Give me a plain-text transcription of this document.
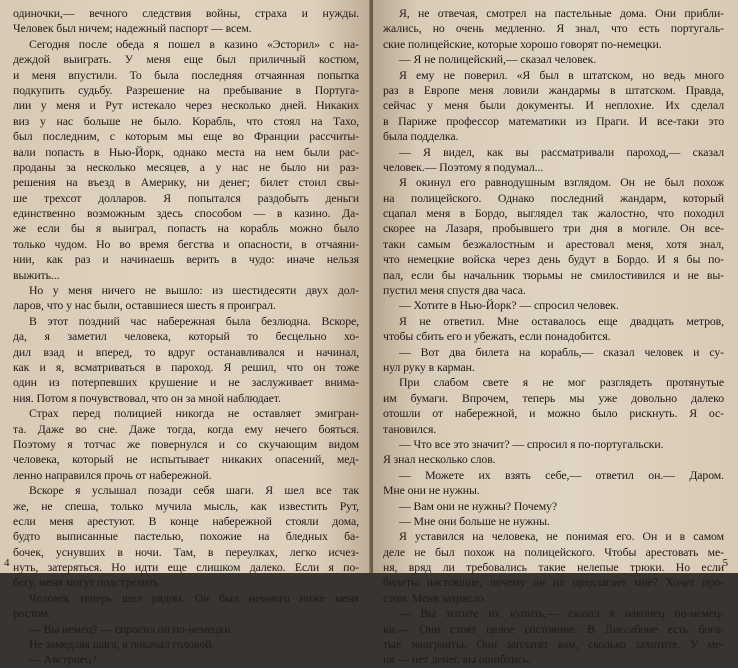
одиночки,— вечного следствия войны, страха и нужды.
Человек был ничем; надежный паспорт — всем.
Сегодня после обеда я пошел в казино «Эсторил» с на-
деждой выиграть. У меня еще был приличный костюм,
и меня впустили. То была последняя отчаянная попытка
подкупить судьбу. Разрешение на пребывание в Португа-
лии у меня и Рут истекало через несколько дней. Никаких
виз у нас больше не было. Корабль, что стоял на Тахо,
был последним, с которым мы еще во Франции рассчиты-
вали попасть в Нью-Йорк, однако места на нем были рас-
проданы за несколько месяцев, а у нас не было ни раз-
решения на въезд в Америку, ни денег; билет стоил свы-
ше трехсот долларов. Я попытался раздобыть деньги
единственно возможным здесь способом — в казино. Да-
же если бы я выиграл, попасть на корабль можно было
только чудом. Но во время бегства и опасности, в отчаяни-
нии, как раз и начинаешь верить в чудо: иначе нельзя
выжить...
Но у меня ничего не вышло: из шестидесяти двух дол-
ларов, что у нас были, оставшиеся шесть я проиграл.
В этот поздний час набережная была безлюдна. Вскоре,
да, я заметил человека, который то бесцельно хо-
дил взад и вперед, то вдруг останавливался и начинал,
как и я, всматриваться в пароход. Я решил, что он тоже
один из потерпевших крушение и не заслуживает внима-
ния. Потом я почувствовал, что он за мной наблюдает.
Страх перед полицией никогда не оставляет эмигран-
та. Даже во сне. Даже тогда, когда ему нечего бояться.
Поэтому я тотчас же повернулся и со скучающим видом
человека, который не испытывает никаких опасений, мед-
ленно направился прочь от набережной.
Вскоре я услышал позади себя шаги. Я шел все так
же, не спеша, только мучила мысль, как известить Рут,
если меня арестуют. В конце набережной стояли дома,
будто выписанные пастелью, похожие на бледных ба-
бочек, уснувших в ночи. Там, в переулках, легко исчез-
нуть, затеряться. Но идти еще слишком далеко. Если я по-
бегу, меня могут подстрелить.
Человек теперь шел рядом. Он был немного ниже меня
ростом.
— Вы немец? — спросил он по-немецки.
Не замедляя шага, я покачал головой.
— Австриец?
4
Я, не отвечая, смотрел на пастельные дома. Они прибли-
жались, но очень медленно. Я знал, что есть португаль-
ские полицейские, которые хорошо говорят по-немецки.
— Я не полицейский,— сказал человек.
Я ему не поверил. «Я был в штатском, но ведь много
раз в Европе меня ловили жандармы в штатском. Правда,
сейчас у меня были документы. И неплохие. Их сделал
в Париже профессор математики из Праги. И все-таки это
была подделка.
— Я видел, как вы рассматривали пароход,— сказал
человек.— Поэтому я подумал...
Я окинул его равнодушным взглядом. Он не был похож
на полицейского. Однако последний жандарм, который
сцапал меня в Бордо, выглядел так жалостно, что походил
скорее на Лазаря, пробывшего три дня в могиле. Он все-
таки самым безжалостным и арестовал меня, хотя знал,
что немецкие войска через день будут в Бордо. И я бы по-
пал, если бы начальник тюрьмы не смилостивился и не вы-
пустил меня спустя два часа.
— Хотите в Нью-Йорк? — спросил человек.
Я не ответил. Мне оставалось еще двадцать метров,
чтобы сбить его и убежать, если понадобится.
— Вот два билета на корабль,— сказал человек и су-
нул руку в карман.
При слабом свете я не мог разглядеть протянутые
им бумаги. Впрочем, теперь мы уже довольно далеко
отошли от набережной, и можно было рискнуть. Я ос-
тановился.
— Что все это значит? — спросил я по-португальски.
Я знал несколько слов.
— Можете их взять себе,— ответил он.— Даром.
Мне они не нужны.
— Вам они не нужны? Почему?
— Мне они больше не нужны.
Я уставился на человека, не понимая его. Он и в самом
деле не был похож на полицейского. Чтобы арестовать ме-
ня, вряд ли требовались такие нелепые трюки. Но если
билеты настоящие, почему он их предлагает мне? Хочет про-
стом. Меня затрясло.
— Вы хотите их купить,— сказал я наконец по-немец-
ки.— Они стоят целое состояние. В Лиссабоне есть бога-
тые эмигранты. Они заплатят вам, сколько захотите. У ме-
ня — нет денег, вы ошиблись.
5
